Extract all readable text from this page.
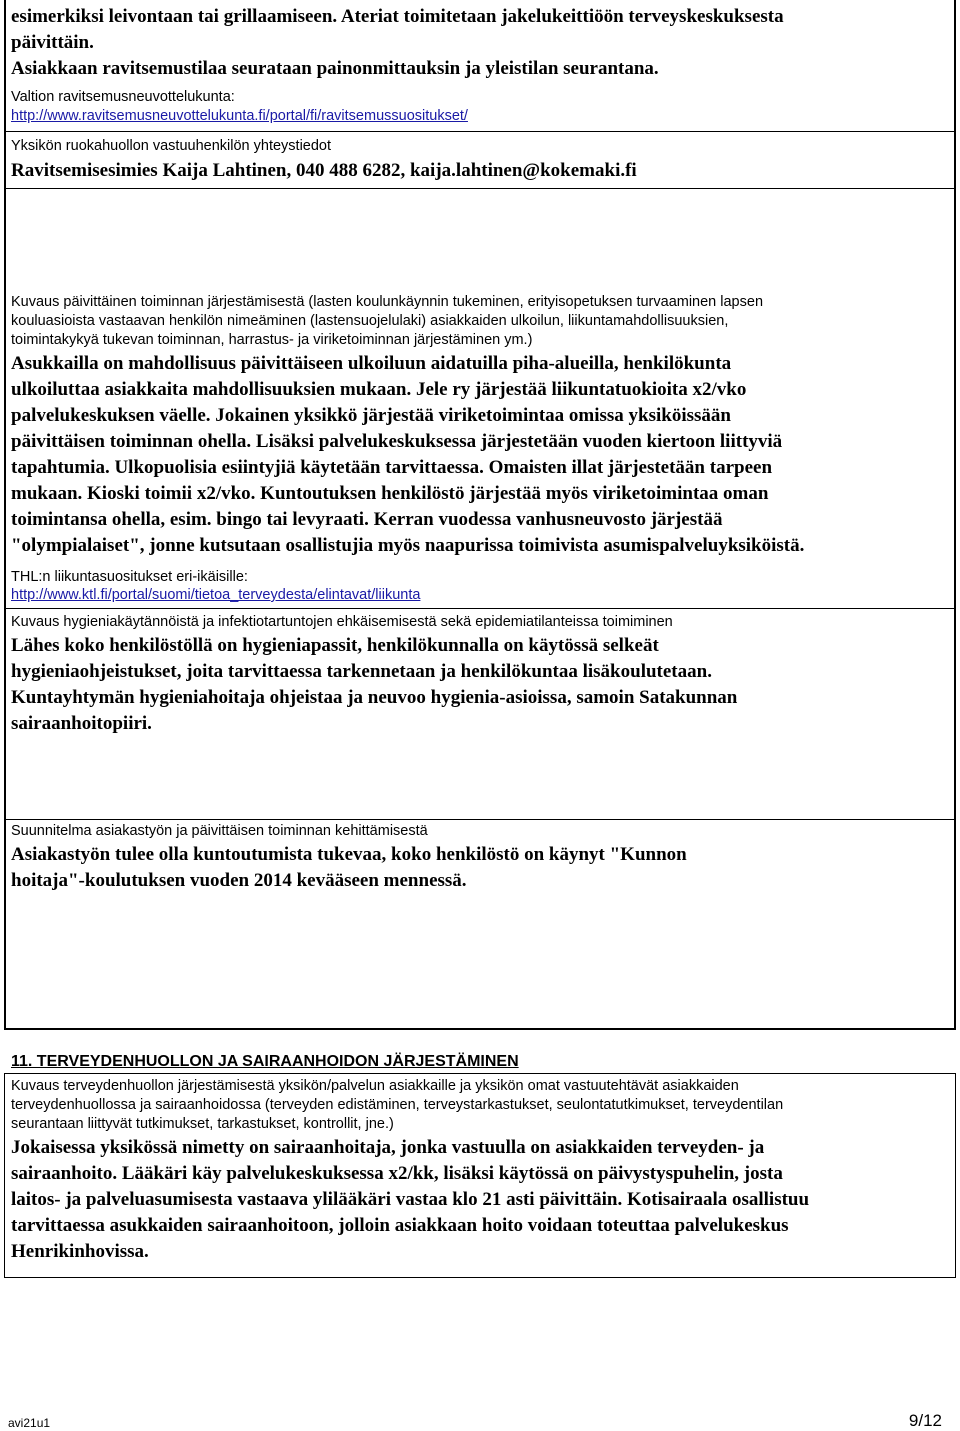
esimerkiksi leivontaan tai grillaamiseen. Ateriat toimitetaan jakelukeittiöön terveyskeskuksesta
päivittäin.
Asiakkaan ravitsemustilaa seurataan painonmittauksin ja yleistilan seurantana.
Valtion ravitsemusneuvottelukunta:
http://www.ravitsemusneuvottelukunta.fi/portal/fi/ravitsemussuositukset/
Yksikön ruokahuollon vastuuhenkilön yhteystiedot
Ravitsemisesimies Kaija Lahtinen, 040 488 6282, kaija.lahtinen@kokemaki.fi
Kuvaus päivittäinen toiminnan järjestämisestä (lasten koulunkäynnin tukeminen, erityisopetuksen turvaaminen lapsen
kouluasioista vastaavan henkilön nimeäminen (lastensuojelulaki) asiakkaiden ulkoilun, liikuntamahdollisuuksien,
toimintakykyä tukevan toiminnan, harrastus- ja viriketoiminnan järjestäminen ym.)
Asukkailla on mahdollisuus päivittäiseen ulkoiluun aidatuilla piha-alueilla, henkilökunta
ulkoiluttaa asiakkaita mahdollisuuksien mukaan. Jele ry järjestää liikuntatuokioita x2/vko
palvelukeskuksen väelle. Jokainen yksikkö järjestää viriketoimintaa omissa yksiköissään
päivittäisen toiminnan ohella. Lisäksi palvelukeskuksessa järjestetään vuoden kiertoon liittyviä
tapahtumia. Ulkopuolisia esiintyjiä käytetään tarvittaessa. Omaisten illat järjestetään tarpeen
mukaan. Kioski toimii x2/vko. Kuntoutuksen henkilöstö järjestää myös viriketoimintaa oman
toimintansa ohella, esim. bingo tai levyraati. Kerran vuodessa vanhusneuvosto järjestää
"olympialaiset", jonne kutsutaan osallistujia myös naapurissa toimivista asumispalveluyksiköistä.
THL:n liikuntasuositukset eri-ikäisille:
http://www.ktl.fi/portal/suomi/tietoa_terveydesta/elintavat/liikunta
Kuvaus hygieniakäytännöistä ja infektiotartuntojen ehkäisemisestä sekä epidemiatilanteissa toimiminen
Lähes koko henkilöstöllä on hygieniapassit, henkilökunnalla on käytössä selkeät
hygieniaohjeistukset, joita tarvittaessa tarkennetaan ja henkilökuntaa lisäkoulutetaan.
Kuntayhtymän hygieniahoitaja ohjeistaa ja neuvoo hygienia-asioissa, samoin Satakunnan
sairaanhoitopiiri.
Suunnitelma asiakastyön ja päivittäisen toiminnan kehittämisestä
Asiakastyön tulee olla kuntoutumista tukevaa, koko henkilöstö on käynyt "Kunnon
hoitaja"-koulutuksen vuoden 2014 kevääseen mennessä.
11. TERVEYDENHUOLLON JA SAIRAANHOIDON JÄRJESTÄMINEN
Kuvaus terveydenhuollon järjestämisestä yksikön/palvelun asiakkaille ja yksikön omat vastuutehtävät asiakkaiden
terveydenhuollossa ja sairaanhoidossa (terveyden edistäminen, terveystarkastukset, seulontatutkimukset, terveydentilan
seurantaan liittyvät tutkimukset, tarkastukset, kontrollit, jne.)
Jokaisessa yksikössä nimetty on sairaanhoitaja, jonka vastuulla on asiakkaiden terveyden- ja
sairaanhoito. Lääkäri käy palvelukeskuksessa x2/kk, lisäksi käytössä on päivystyspuhelin, josta
laitos- ja palveluasumisesta vastaava ylilääkäri vastaa klo 21 asti päivittäin. Kotisairaala osallistuu
tarvittaessa asukkaiden sairaanhoitoon, jolloin asiakkaan hoito voidaan toteuttaa palvelukeskus
Henrikinhovissa.
avi21u1	9/12
